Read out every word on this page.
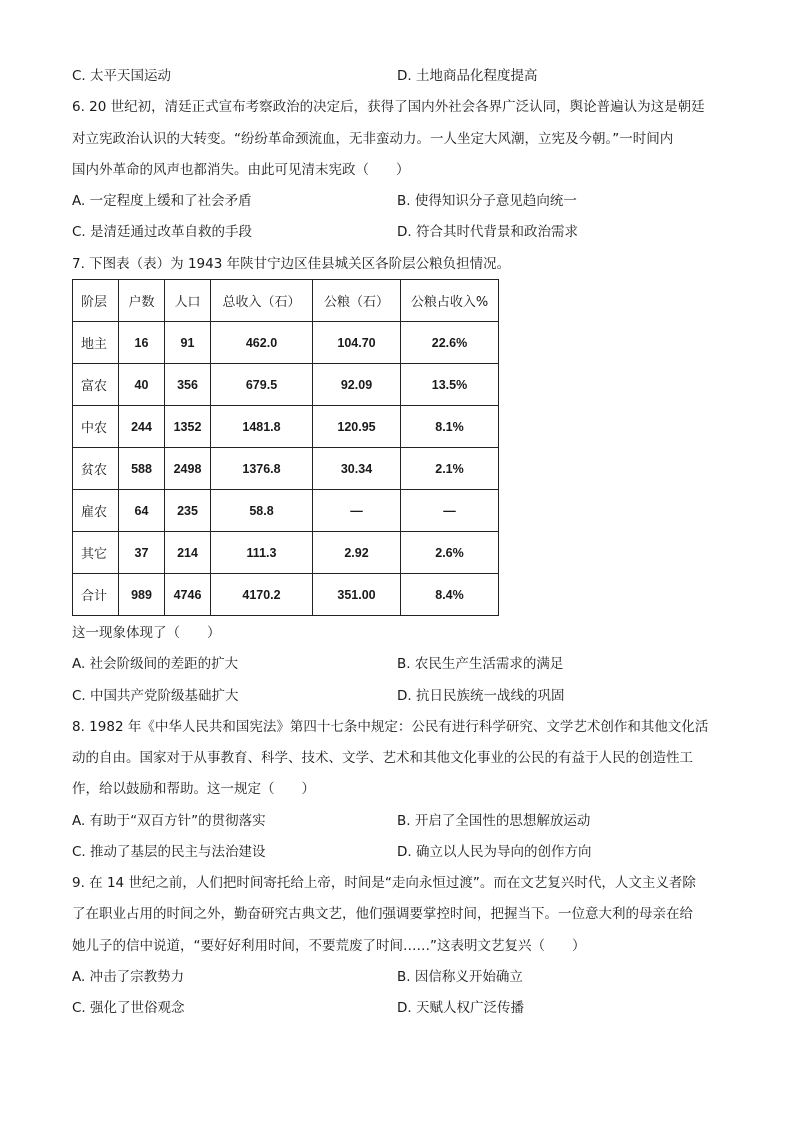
C. 太平天国运动	D. 土地商品化程度提高
6. 20 世纪初，清廷正式宣布考察政治的决定后，获得了国内外社会各界广泛认同，舆论普遍认为这是朝廷
对立宪政治认识的大转变。“纷纷革命颈流血，无非蛮动力。一人坐定大风潮，立宪及今朝。”一时间内
国内外革命的风声也都消失。由此可见清末宪政（　　）
A. 一定程度上缓和了社会矛盾	B. 使得知识分子意见趋向统一
C. 是清廷通过改革自救的手段	D. 符合其时代背景和政治需求
7. 下图表（表）为 1943 年陕甘宁边区佳县城关区各阶层公粮负担情况。
阶层	户数	人口	总收入（石）	公粮（石）	公粮占收入%
地主	16	91	462.0	104.70	22.6%
富农	40	356	679.5	92.09	13.5%
中农	244	1352	1481.8	120.95	8.1%
贫农	588	2498	1376.8	30.34	2.1%
雇农	64	235	58.8	—	—
其它	37	214	111.3	2.92	2.6%
合计	989	4746	4170.2	351.00	8.4%
这一现象体现了（　　）
A. 社会阶级间的差距的扩大	B. 农民生产生活需求的满足
C. 中国共产党阶级基础扩大	D. 抗日民族统一战线的巩固
8. 1982 年《中华人民共和国宪法》第四十七条中规定：公民有进行科学研究、文学艺术创作和其他文化活
动的自由。国家对于从事教育、科学、技术、文学、艺术和其他文化事业的公民的有益于人民的创造性工
作，给以鼓励和帮助。这一规定（　　）
A. 有助于“双百方针”的贯彻落实	B. 开启了全国性的思想解放运动
C. 推动了基层的民主与法治建设	D. 确立以人民为导向的创作方向
9. 在 14 世纪之前，人们把时间寄托给上帝，时间是“走向永恒过渡”。而在文艺复兴时代，人文主义者除
了在职业占用的时间之外，勤奋研究古典文艺，他们强调要掌控时间，把握当下。一位意大利的母亲在给
她儿子的信中说道，“要好好利用时间，不要荒废了时间……”这表明文艺复兴（　　）
A. 冲击了宗教势力	B. 因信称义开始确立
C. 强化了世俗观念	D. 天赋人权广泛传播
